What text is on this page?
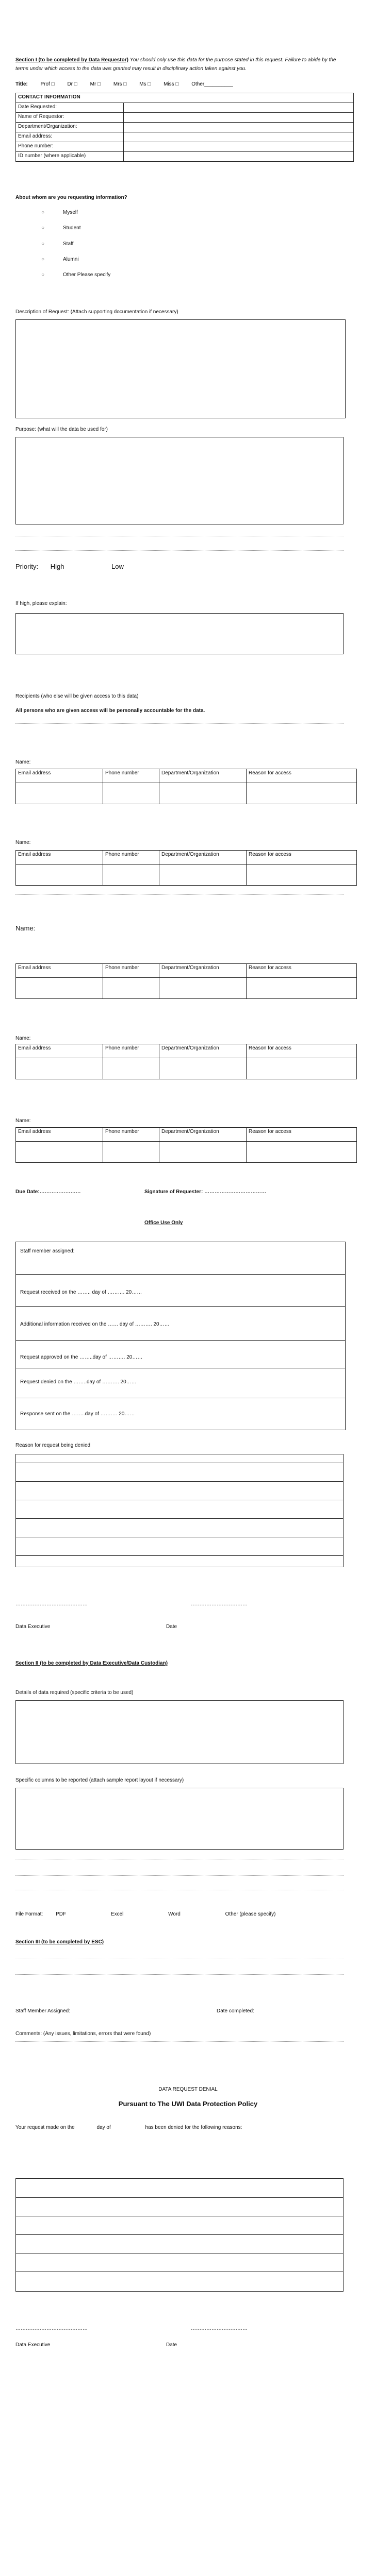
Section I (to be completed by Data Requestor) You should only use this data for the purpose stated in this request. Failure to abide by the terms under which access to the data was granted may result in disciplinary action taken against you.
Title: Prof □ Dr □ Mr □ Mrs □ Ms □ Miss □ Other__________
CONTACT INFORMATION	
Date Requested:	
Name of Requestor:	
Department/Organization:	
Email address:	
Phone number:	
ID number (where applicable)	
About whom are you requesting information?
○	Myself
○	Student
○	Staff
○	Alumni
○	Other Please specify
Description of Request: (Attach supporting documentation if necessary)
Purpose: (what will the data be used for)
Priority: High	Low
If high, please explain:
Recipients (who else will be given access to this data)
All persons who are given access will be personally accountable for the data.
Name:
Email address	Phone number	Department/Organization	Reason for access

Name:
Email address	Phone number	Department/Organization	Reason for access

Name:
Email address	Phone number	Department/Organization	Reason for access

Name:
Email address	Phone number	Department/Organization	Reason for access

Name:
Email address	Phone number	Department/Organization	Reason for access

Due Date:……………………	Signature of Requester: ………………………………
Office Use Only
Staff member assigned:
Request received on the …….. day of ………. 20……
Additional information received on the …… day of ………. 20……
Request approved on the ……..day of ………. 20……
Request denied on the ……..day of ………. 20……
Response sent on the ……..day of ………. 20……
Reason for request being denied
……………………………………	……………………………
Data Executive	Date
Section II (to be completed by Data Executive/Data Custodian)
Details of data required (specific criteria to be used)
Specific columns to be reported (attach sample report layout if necessary)
File Format: PDF	Excel	Word	Other (please specify)
Section III (to be completed by ESC)
Staff Member Assigned:	Date completed:
Comments: (Any issues, limitations, errors that were found)
DATA REQUEST DENIAL
Pursuant to The UWI Data Protection Policy
Your request made on the	day of	has been denied for the following reasons:
……………………………………	……………………………
Data Executive	Date
